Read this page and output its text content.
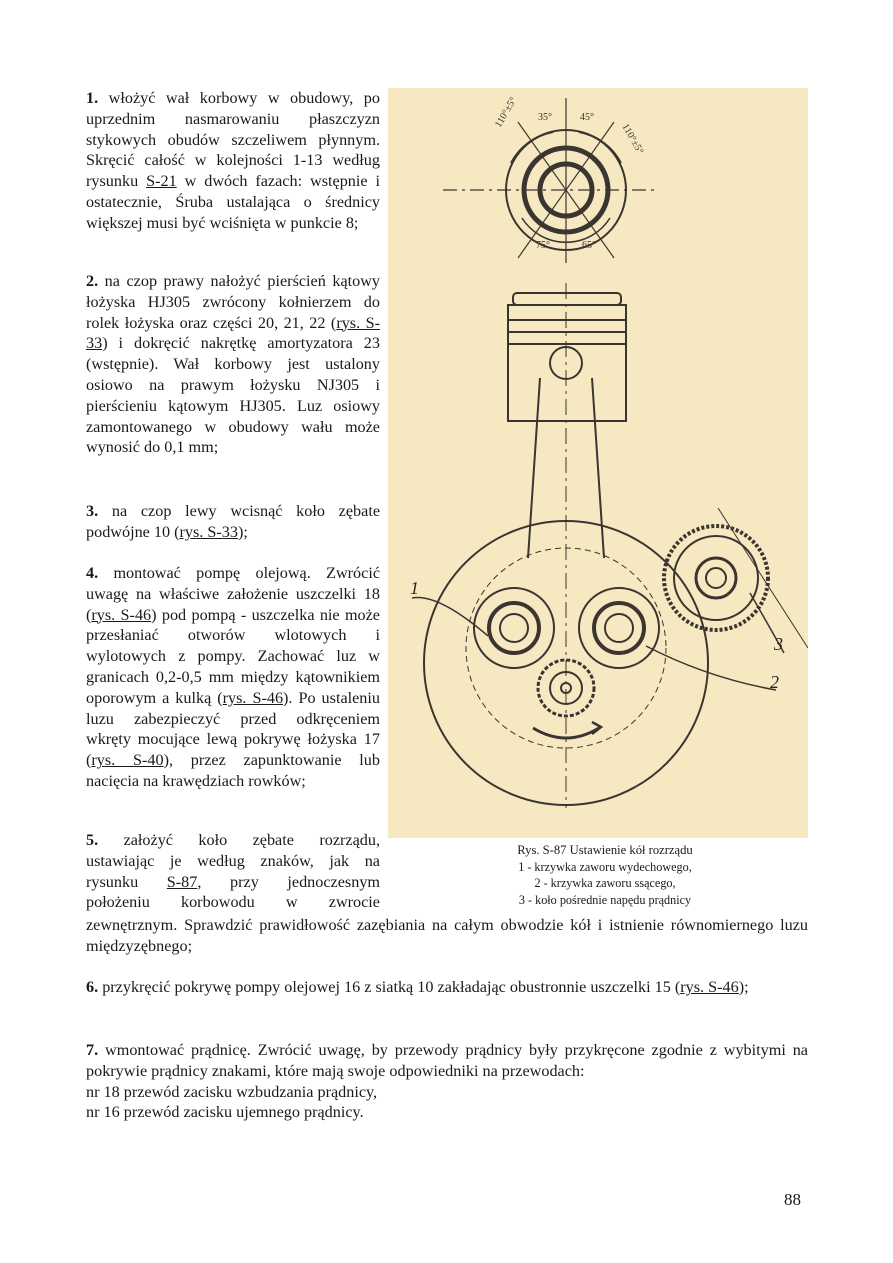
1. włożyć wał korbowy w obudowy, po uprzednim nasmarowaniu płaszczyzn stykowych obudów szczeliwem płynnym. Skręcić całość w kolejności 1-13 według rysunku S-21 w dwóch fazach: wstępnie i ostatecznie, Śruba ustalająca o średnicy większej musi być wciśnięta w punkcie 8;

2. na czop prawy nałożyć pierścień kątowy łożyska HJ305 zwrócony kołnierzem do rolek łożyska oraz części 20, 21, 22 (rys. S-33) i dokręcić nakrętkę amortyzatora 23 (wstępnie). Wał korbowy jest ustalony osiowo na prawym łożysku NJ305 i pierścieniu kątowym HJ305. Luz osiowy zamontowanego w obudowy wału może wynosić do 0,1 mm;

3. na czop lewy wcisnąć koło zębate podwójne 10 (rys. S-33);

4. montować pompę olejową. Zwrócić uwagę na właściwe założenie uszczelki 18 (rys. S-46) pod pompą - uszczelka nie może przesłaniać otworów wlotowych i wylotowych z pompy. Zachować luz w granicach 0,2-0,5 mm między kątownikiem oporowym a kulką (rys. S-46). Po ustaleniu luzu zabezpieczyć przed odkręceniem wkręty mocujące lewą pokrywę łożyska 17 (rys. S-40), przez zapunktowanie lub nacięcia na krawędziach rowków;

5. założyć koło zębate rozrządu,
ustawiając je według znaków, jak na
rysunku S-87, przy jednoczesnym
położeniu korbowodu w zwrocie

zewnętrznym. Sprawdzić prawidłowość zazębiania na całym obwodzie kół i istnienie równomiernego luzu międzyzębnego;

6. przykręcić pokrywę pompy olejowej 16 z siatką 10 zakładając obustronnie uszczelki 15 (rys. S-46);

7. wmontować prądnicę. Zwrócić uwagę, by przewody prądnicy były przykręcone zgodnie z wybitymi na pokrywie prądnicy znakami, które mają swoje odpowiedniki na przewodach:
nr 18 przewód zacisku wzbudzania prądnicy,
nr 16 przewód zacisku ujemnego prądnicy.
110°±5° 35°	45°
110°±5°
75°	65°
1
2
3
Rys. S-87 Ustawienie kół rozrządu
1 - krzywka zaworu wydechowego,
2 - krzywka zaworu ssącego,
3 - koło pośrednie napędu prądnicy
88
